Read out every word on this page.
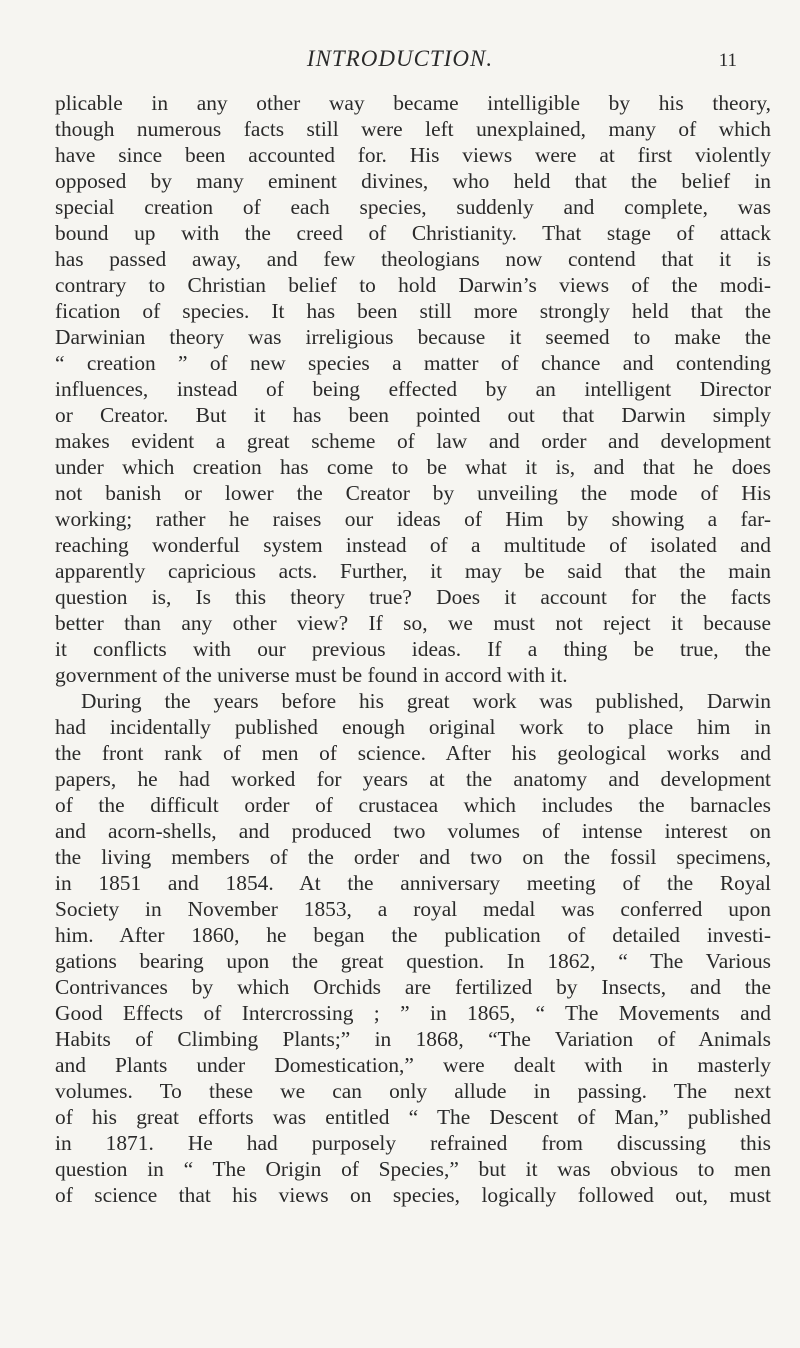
INTRODUCTION.	11
plicable in any other way became intelligible by his theory,
though numerous facts still were left unexplained, many of which
have since been accounted for. His views were at first violently
opposed by many eminent divines, who held that the belief in
special creation of each species, suddenly and complete, was
bound up with the creed of Christianity. That stage of attack
has passed away, and few theologians now contend that it is
contrary to Christian belief to hold Darwin’s views of the modi-
fication of species. It has been still more strongly held that the
Darwinian theory was irreligious because it seemed to make the
“ creation ” of new species a matter of chance and contending
influences, instead of being effected by an intelligent Director
or Creator. But it has been pointed out that Darwin simply
makes evident a great scheme of law and order and development
under which creation has come to be what it is, and that he does
not banish or lower the Creator by unveiling the mode of His
working; rather he raises our ideas of Him by showing a far-
reaching wonderful system instead of a multitude of isolated and
apparently capricious acts. Further, it may be said that the main
question is, Is this theory true? Does it account for the facts
better than any other view? If so, we must not reject it because
it conflicts with our previous ideas. If a thing be true, the
government of the universe must be found in accord with it.
During the years before his great work was published, Darwin
had incidentally published enough original work to place him in
the front rank of men of science. After his geological works and
papers, he had worked for years at the anatomy and development
of the difficult order of crustacea which includes the barnacles
and acorn-shells, and produced two volumes of intense interest on
the living members of the order and two on the fossil specimens,
in 1851 and 1854. At the anniversary meeting of the Royal
Society in November 1853, a royal medal was conferred upon
him. After 1860, he began the publication of detailed investi-
gations bearing upon the great question. In 1862, “ The Various
Contrivances by which Orchids are fertilized by Insects, and the
Good Effects of Intercrossing ; ” in 1865, “ The Movements and
Habits of Climbing Plants;” in 1868, “The Variation of Animals
and Plants under Domestication,” were dealt with in masterly
volumes. To these we can only allude in passing. The next
of his great efforts was entitled “ The Descent of Man,” published
in 1871. He had purposely refrained from discussing this
question in “ The Origin of Species,” but it was obvious to men
of science that his views on species, logically followed out, must
